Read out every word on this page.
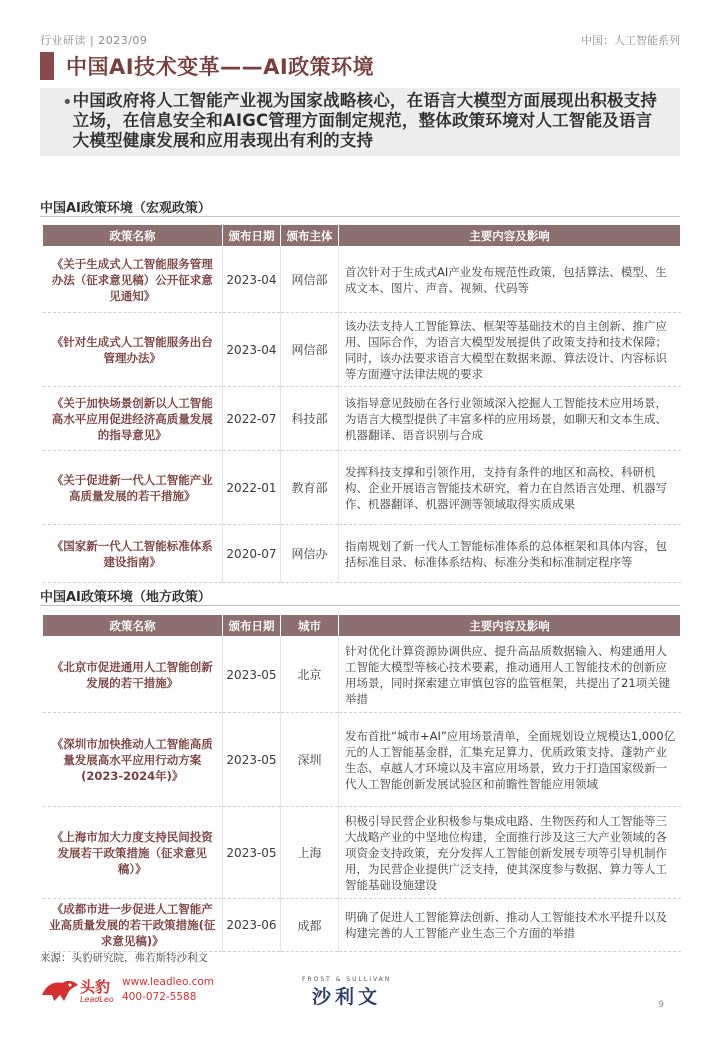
行业研读 | 2023/09	中国：人工智能系列
中国AI技术变革——AI政策环境
• 中国政府将人工智能产业视为国家战略核心，在语言大模型方面展现出积极支持立场，在信息安全和AIGC管理方面制定规范，整体政策环境对人工智能及语言大模型健康发展和应用表现出有利的支持
中国AI政策环境（宏观政策）
政策名称	颁布日期	颁布主体	主要内容及影响
《关于生成式人工智能服务管理办法（征求意见稿）公开征求意见通知》	2023-04	网信部	首次针对于生成式AI产业发布规范性政策，包括算法、模型、生成文本、图片、声音、视频、代码等
《针对生成式人工智能服务出台管理办法》	2023-04	网信部	该办法支持人工智能算法、框架等基础技术的自主创新、推广应用、国际合作，为语言大模型发展提供了政策支持和技术保障；同时，该办法要求语言大模型在数据来源、算法设计、内容标识等方面遵守法律法规的要求
《关于加快场景创新以人工智能高水平应用促进经济高质量发展的指导意见》	2022-07	科技部	该指导意见鼓励在各行业领域深入挖掘人工智能技术应用场景，为语言大模型提供了丰富多样的应用场景，如聊天和文本生成、机器翻译、语音识别与合成
《关于促进新一代人工智能产业高质量发展的若干措施》	2022-01	教育部	发挥科技支撑和引领作用，支持有条件的地区和高校、科研机构、企业开展语言智能技术研究，着力在自然语言处理、机器写作、机器翻译、机器评测等领域取得实质成果
《国家新一代人工智能标准体系建设指南》	2020-07	网信办	指南规划了新一代人工智能标准体系的总体框架和具体内容，包括标准目录、标准体系结构、标准分类和标准制定程序等
中国AI政策环境（地方政策）
政策名称	颁布日期	城市	主要内容及影响
《北京市促进通用人工智能创新发展的若干措施》	2023-05	北京	针对优化计算资源协调供应、提升高品质数据输入、构建通用人工智能大模型等核心技术要素，推动通用人工智能技术的创新应用场景，同时探索建立审慎包容的监管框架，共提出了21项关键举措
《深圳市加快推动人工智能高质量发展高水平应用行动方案(2023-2024年)》	2023-05	深圳	发布首批“城市+AI”应用场景清单，全面规划设立规模达1,000亿元的人工智能基金群，汇集充足算力、优质政策支持、蓬勃产业生态、卓越人才环境以及丰富应用场景，致力于打造国家级新一代人工智能创新发展试验区和前瞻性智能应用领域
《上海市加大力度支持民间投资发展若干政策措施（征求意见稿）》	2023-05	上海	积极引导民营企业积极参与集成电路、生物医药和人工智能等三大战略产业的中坚地位构建，全面推行涉及这三大产业领域的各项资金支持政策，充分发挥人工智能创新发展专项等引导机制作用，为民营企业提供广泛支持，使其深度参与数据、算力等人工智能基础设施建设
《成都市进一步促进人工智能产业高质量发展的若干政策措施(征求意见稿)》	2023-06	成都	明确了促进人工智能算法创新、推动人工智能技术水平提升以及构建完善的人工智能产业生态三个方面的举措
来源：头豹研究院，弗若斯特沙利文
头豹
LeadLeo
www.leadleo.com
400-072-5588
FROST & SULLIVAN
沙利文	9
